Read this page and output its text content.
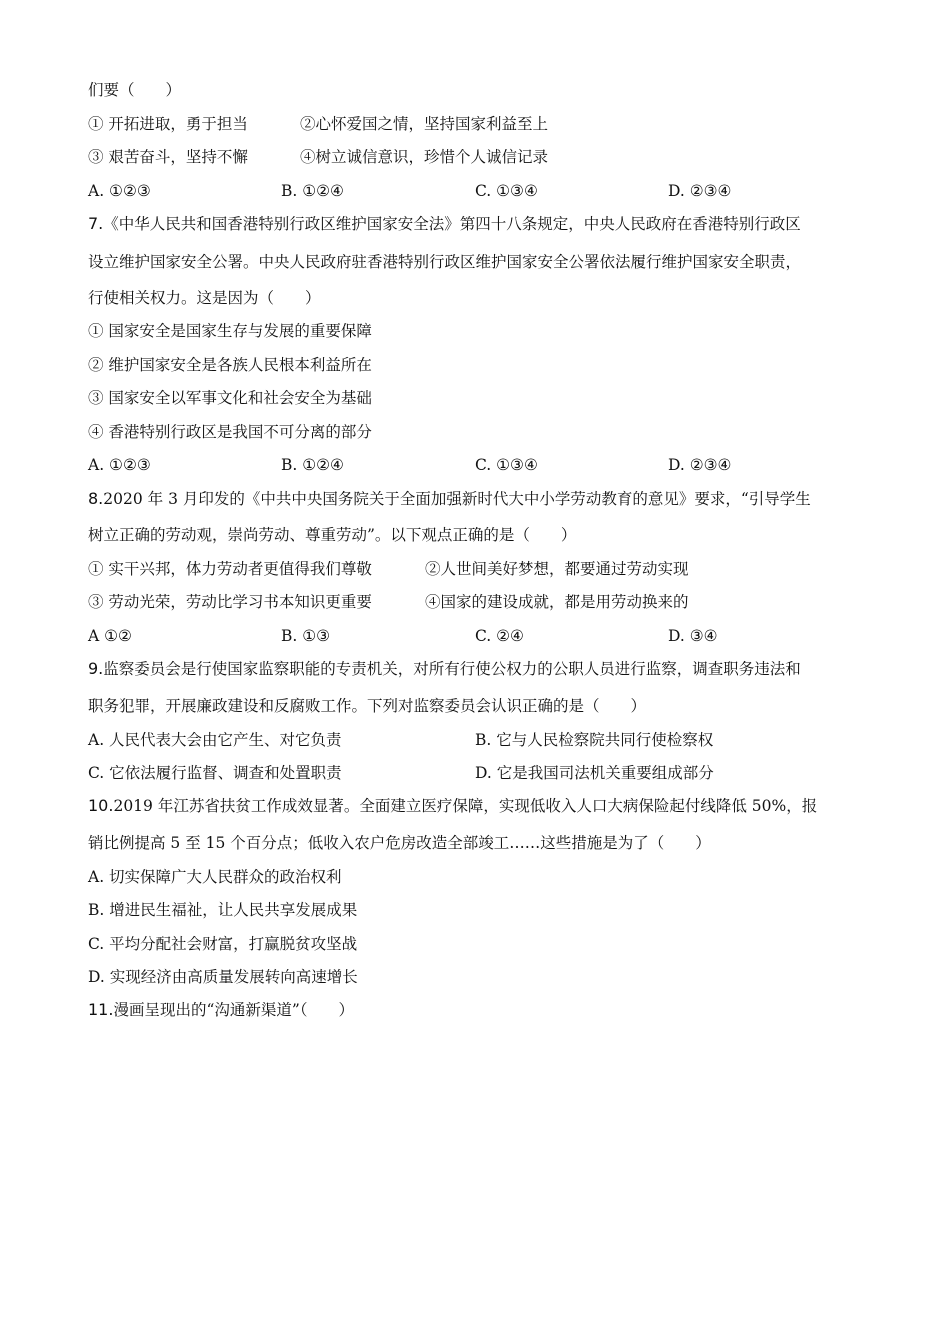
们要（　　）
① 开拓进取，勇于担当	②心怀爱国之情，坚持国家利益至上
③ 艰苦奋斗，坚持不懈	④树立诚信意识，珍惜个人诚信记录
A. ①②③	B. ①②④	C. ①③④	D. ②③④
7.《中华人民共和国香港特别行政区维护国家安全法》第四十八条规定，中央人民政府在香港特别行政区
设立维护国家安全公署。中央人民政府驻香港特别行政区维护国家安全公署依法履行维护国家安全职责，
行使相关权力。这是因为（　　）
① 国家安全是国家生存与发展的重要保障
② 维护国家安全是各族人民根本利益所在
③ 国家安全以军事文化和社会安全为基础
④ 香港特别行政区是我国不可分离的部分
A. ①②③	B. ①②④	C. ①③④	D. ②③④
8.2020 年 3 月印发的《中共中央国务院关于全面加强新时代大中小学劳动教育的意见》要求，“引导学生
树立正确的劳动观，崇尚劳动、尊重劳动”。以下观点正确的是（　　）
① 实干兴邦，体力劳动者更值得我们尊敬	②人世间美好梦想，都要通过劳动实现
③ 劳动光荣，劳动比学习书本知识更重要	④国家的建设成就，都是用劳动换来的
A ①②	B. ①③	C. ②④	D. ③④
9.监察委员会是行使国家监察职能的专责机关，对所有行使公权力的公职人员进行监察，调查职务违法和
职务犯罪，开展廉政建设和反腐败工作。下列对监察委员会认识正确的是（　　）
A. 人民代表大会由它产生、对它负责	B. 它与人民检察院共同行使检察权
C. 它依法履行监督、调查和处置职责	D. 它是我国司法机关重要组成部分
10.2019 年江苏省扶贫工作成效显著。全面建立医疗保障，实现低收入人口大病保险起付线降低 50%，报
销比例提高 5 至 15 个百分点；低收入农户危房改造全部竣工……这些措施是为了（　　）
A. 切实保障广大人民群众的政治权利
B. 增进民生福祉，让人民共享发展成果
C. 平均分配社会财富，打赢脱贫攻坚战
D. 实现经济由高质量发展转向高速增长
11.漫画呈现出的“沟通新渠道”（　　）
